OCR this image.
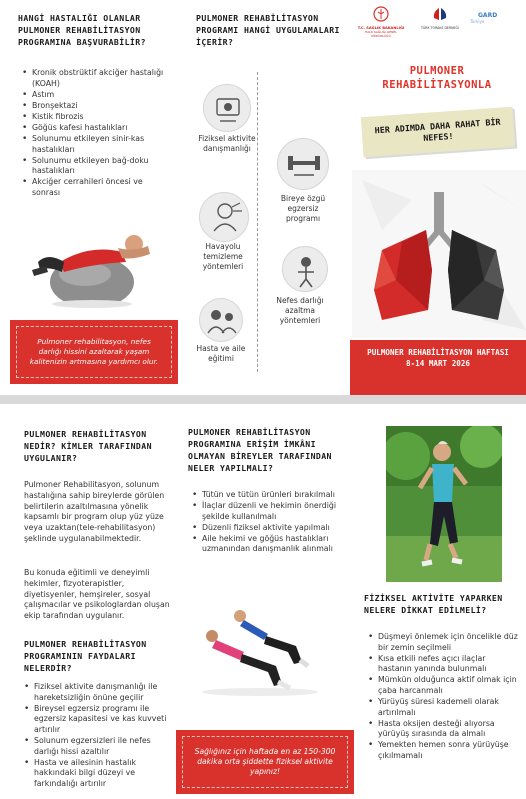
HANGİ HASTALIĞI OLANLAR PULMONER REHABİLİTASYON PROGRAMINA BAŞVURABİLİR?
• Kronik obstrüktif akciğer hastalığı (KOAH)
• Astım
• Bronşektazi
• Kistik fibrozis
• Göğüs kafesi hastalıkları
• Solunumu etkileyen sinir-kas hastalıkları
• Solunumu etkileyen bağ-doku hastalıkları
• Akciğer cerrahileri öncesi ve sonrası
Pulmoner rehabilitasyon, nefes darlığı hissini azaltarak yaşam kalitenizin artmasına yardımcı olur.
PULMONER REHABİLİTASYON PROGRAMI HANGİ UYGULAMALARI İÇERİR?
Fiziksel aktivite danışmanlığı
Bireye özgü egzersiz programı
Havayolu temizleme yöntemleri
Nefes darlığı azaltma yöntemleri
Hasta ve aile eğitimi
T.C. SAĞLIK BAKANLIĞI
HALK SAĞLIĞI GENEL MÜDÜRLÜĞÜ
TÜRK TORAKS DERNEĞİ
GARD
Türkiye
PULMONER REHABİLİTASYONLA
HER ADIMDA DAHA RAHAT BİR NEFES!
PULMONER REHABİLİTASYON HAFTASI
8-14 MART 2026
PULMONER REHABİLİTASYON NEDİR? KİMLER TARAFINDAN UYGULANIR?

Pulmoner Rehabilitasyon, solunum hastalığına sahip bireylerde görülen belirtilerin azaltılmasına yönelik kapsamlı bir program olup yüz yüze veya uzaktan(tele-rehabilitasyon) şeklinde uygulanabilmektedir.

Bu konuda eğitimli ve deneyimli hekimler, fizyoterapistler, diyetisyenler, hemşireler, sosyal çalışmacılar ve psikologlardan oluşan ekip tarafından uygulanır.

PULMONER REHABİLİTASYON PROGRAMININ FAYDALARI NELERDİR?
• Fiziksel aktivite danışmanlığı ile hareketsizliğin önüne geçilir
• Bireysel egzersiz programı ile egzersiz kapasitesi ve kas kuvveti artırılır
• Solunum egzersizleri ile nefes darlığı hissi azaltılır
• Hasta ve ailesinin hastalık hakkındaki bilgi düzeyi ve farkındalığı artırılır
PULMONER REHABİLİTASYON PROGRAMINA ERİŞİM İMKÂNI OLMAYAN BİREYLER TARAFINDAN NELER YAPILMALI?
• Tütün ve tütün ürünleri bırakılmalı
• İlaçlar düzenli ve hekimin önerdiği şekilde kullanılmalı
• Düzenli fiziksel aktivite yapılmalı
• Aile hekimi ve göğüs hastalıkları uzmanından danışmanlık alınmalı
Sağlığınız için haftada en az 150-300 dakika orta şiddette fiziksel aktivite yapınız!
FİZİKSEL AKTİVİTE YAPARKEN NELERE DİKKAT EDİLMELİ?
• Düşmeyi önlemek için öncelikle düz bir zemin seçilmeli
• Kısa etkili nefes açıcı ilaçlar hastanın yanında bulunmalı
• Mümkün olduğunca aktif olmak için çaba harcanmalı
• Yürüyüş süresi kademeli olarak artırılmalı
• Hasta oksijen desteği alıyorsa yürüyüş sırasında da almalı
• Yemekten hemen sonra yürüyüşe çıkılmamalı
